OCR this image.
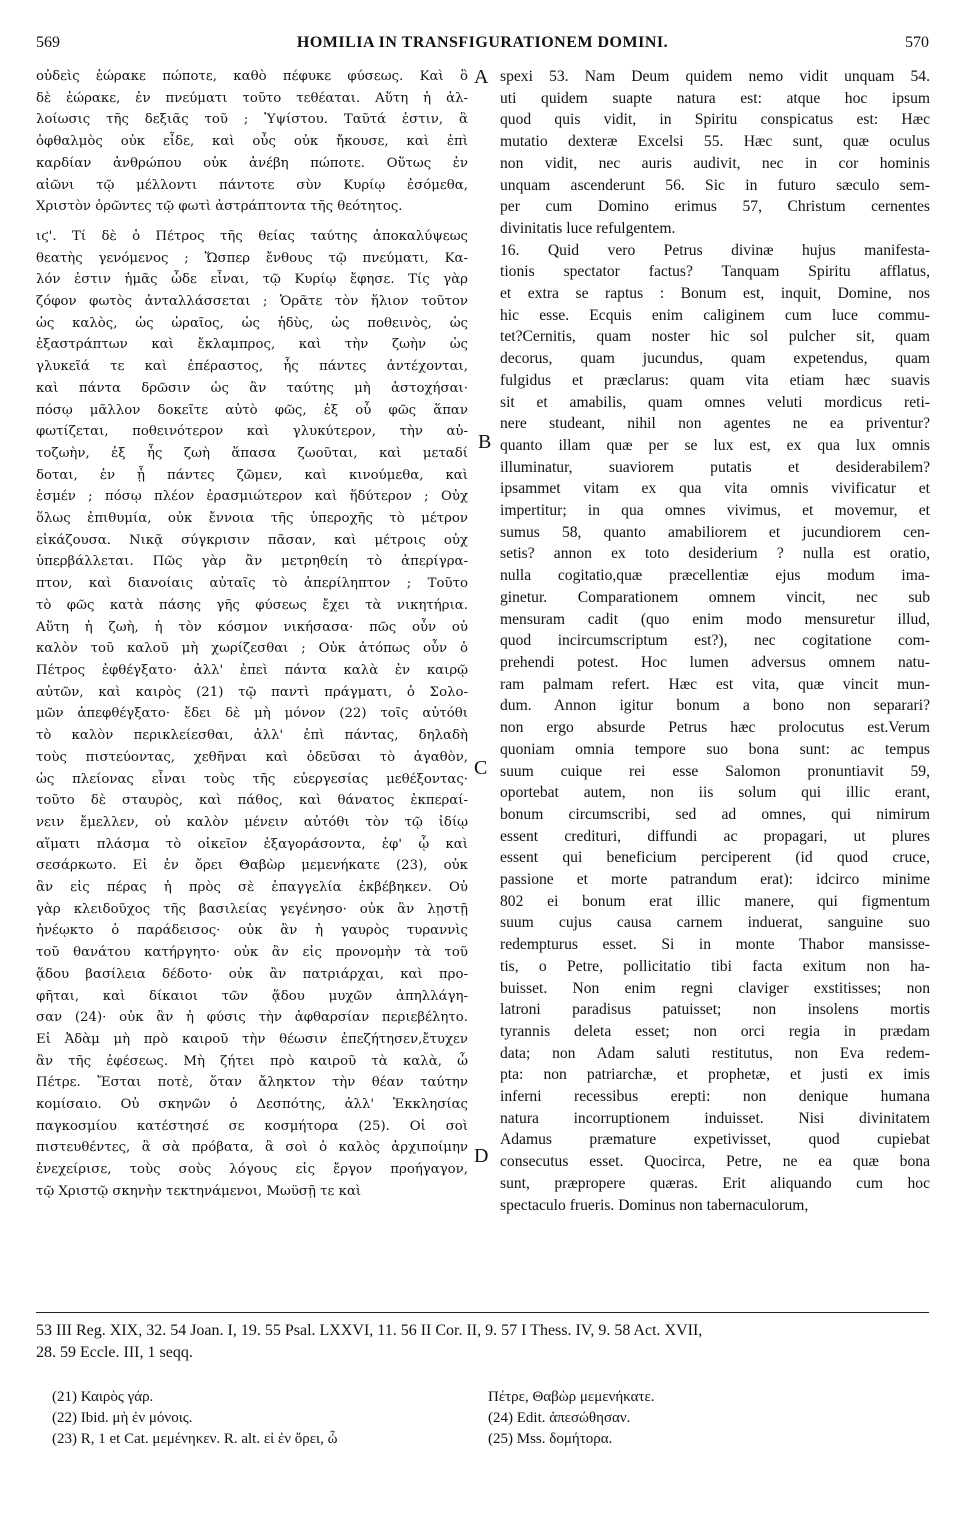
569	HOMILIA IN TRANSFIGURATIONEM DOMINI.	570
οὐδεὶς ἑώρακε πώποτε, καθὸ πέφυκε φύσεως. Καὶ ὃ
δὲ ἑώρακε, ἐν πνεύματι τοῦτο τεθέαται. Αὕτη ἡ ἀλ-
λοίωσις τῆς δεξιᾶς τοῦ ; Ὑψίστου. Ταῦτά ἐστιν, ἃ
ὀφθαλμὸς οὐκ εἶδε, καὶ οὖς οὐκ ἤκουσε, καὶ ἐπὶ
καρδίαν ἀνθρώπου οὐκ ἀνέβη πώποτε. Οὕτως ἐν
αἰῶνι τῷ μέλλοντι πάντοτε σὺν Κυρίῳ ἐσόμεθα,
Χριστὸν ὁρῶντες τῷ φωτὶ ἀστράπτοντα τῆς θεότητος.
ιϛ'. Τί δὲ ὁ Πέτρος τῆς θείας ταύτης ἀποκαλύψεως
θεατὴς γενόμενος ; Ὥσπερ ἔνθους τῷ πνεύματι, Κα-
λόν ἐστιν ἡμᾶς ὧδε εἶναι, τῷ Κυρίῳ ἔφησε. Τίς γὰρ
ζόφον φωτὸς ἀνταλλάσσεται ; Ὁρᾶτε τὸν ἥλιον τοῦτον
ὡς καλὸς, ὡς ὡραῖος, ὡς ἡδὺς, ὡς ποθεινὸς, ὡς
ἐξαστράπτων καὶ ἔκλαμπρος, καὶ τὴν ζωὴν ὡς
γλυκεῖά τε καὶ ἐπέραστος, ἧς πάντες ἀντέχονται,
καὶ πάντα δρῶσιν ὡς ἂν ταύτης μὴ ἀστοχήσαι·
πόσῳ μᾶλλον δοκεῖτε αὐτὸ φῶς, ἐξ οὗ φῶς ἅπαν
φωτίζεται, ποθεινότερον καὶ γλυκύτερον, τὴν αὐ-
τοζωὴν, ἐξ ἧς ζωὴ ἅπασα ζωοῦται, καὶ μεταδί
δοται, ἐν ᾗ πάντες ζῶμεν, καὶ κινούμεθα, καὶ
ἐσμέν ; πόσῳ πλέον ἐρασμιώτερον καὶ ἥδύτερον ; Οὐχ
ὅλως ἐπιθυμία, οὐκ ἔννοια τῆς ὑπεροχῆς τὸ μέτρον
εἰκάζουσα. Νικᾷ σύγκρισιν πᾶσαν, καὶ μέτροις οὐχ
ὑπερβάλλεται. Πῶς γὰρ ἂν μετρηθείη τὸ ἀπερίγρα-
πτον, καὶ διανοίαις αὐταῖς τὸ ἀπερίληπτον ; Τοῦτο
τὸ φῶς κατὰ πάσης γῆς φύσεως ἔχει τὰ νικητήρια.
Αὕτη ἡ ζωὴ, ἡ τὸν κόσμον νικήσασα· πῶς οὖν οὐ
καλὸν τοῦ καλοῦ μὴ χωρίζεσθαι ; Οὐκ ἀτόπως οὖν ὁ
Πέτρος ἐφθέγξατο· ἀλλ' ἐπεὶ πάντα καλὰ ἐν καιρῷ
αὐτῶν, καὶ καιρὸς (21) τῷ παντὶ πράγματι, ὁ Σολο-
μῶν ἀπεφθέγξατο· ἔδει δὲ μὴ μόνον (22) τοῖς αὐτόθι
τὸ καλὸν περικλείεσθαι, ἀλλ' ἐπὶ πάντας, δηλαδὴ
τοὺς πιστεύοντας, χεθῆναι καὶ ὁδεῦσαι τὸ ἀγαθὸν,
ὡς πλείονας εἶναι τοὺς τῆς εὐεργεσίας μεθέξοντας·
τοῦτο δὲ σταυρὸς, καὶ πάθος, καὶ θάνατος ἐκπεραί-
νειν ἔμελλεν, οὐ καλὸν μένειν αὐτόθι τὸν τῷ ἰδίῳ
αἵματι πλάσμα τὸ οἰκεῖον ἐξαγοράσοντα, ἐφ' ᾧ καὶ
σεσάρκωτο. Εἰ ἐν ὄρει Θαβὼρ μεμενήκατε (23), οὐκ
ἂν εἰς πέρας ἡ πρὸς σὲ ἐπαγγελία ἐκβέβηκεν. Οὐ
γὰρ κλειδοῦχος τῆς βασιλείας γεγένησο· οὐκ ἂν λῃστῇ
ἠνέῳκτο ὁ παράδεισος· οὐκ ἂν ἡ γαυρὸς τυραννὶς
τοῦ θανάτου κατήργητο· οὐκ ἂν εἰς προνομὴν τὰ τοῦ
ᾅδου βασίλεια δέδοτο· οὐκ ἂν πατριάρχαι, καὶ προ-
φῆται, καὶ δίκαιοι τῶν ᾅδου μυχῶν ἀπηλλάγη-
σαν (24)· οὐκ ἂν ἡ φύσις τὴν ἀφθαρσίαν περιεβέλητο.
Εἰ Ἀδὰμ μὴ πρὸ καιροῦ τὴν θέωσιν ἐπεζήτησεν,ἔτυχεν
ἂν τῆς ἐφέσεως. Μὴ ζήτει πρὸ καιροῦ τὰ καλὰ, ὦ
Πέτρε. Ἔσται ποτὲ, ὅταν ἄληκτον τὴν θέαν ταύτην
κομίσαιο. Οὐ σκηνῶν ὁ Δεσπότης, ἀλλ' Ἐκκλησίας
παγκοσμίου κατέστησέ σε κοσμήτορα (25). Οἱ σοὶ
πιστευθέντες, ἃ σὰ πρόβατα, ἃ σοὶ ὁ καλὸς ἀρχιποίμην
ἐνεχείρισε, τοὺς σοὺς λόγους εἰς ἔργον προήγαγον,
τῷ Χριστῷ σκηνὴν τεκτηνάμενοι, Μωϋσῇ τε καὶ
spexi 53. Nam Deum quidem nemo vidit unquam 54.
uti quidem suapte natura est: atque hoc ipsum
quod quis vidit, in Spiritu conspicatus est: Hæc
mutatio dexteræ Excelsi 55. Hæc sunt, quæ oculus
non vidit, nec auris audivit, nec in cor hominis
unquam ascenderunt 56. Sic in futuro sæculo sem-
per cum Domino erimus 57, Christum cernentes
divinitatis luce refulgentem.
16. Quid vero Petrus divinæ hujus manifesta-
tionis spectator factus? Tanquam Spiritu afflatus,
et extra se raptus : Bonum est, inquit, Domine, nos
hic esse. Ecquis enim caliginem cum luce commu-
tet?Cernitis, quam noster hic sol pulcher sit, quam
decorus, quam jucundus, quam expetendus, quam
fulgidus et præclarus: quam vita etiam hæc suavis
sit et amabilis, quam omnes veluti mordicus reti-
nere studeant, nihil non agentes ne ea priventur?
quanto illam quæ per se lux est, ex qua lux omnis
illuminatur, suaviorem putatis et desiderabilem?
ipsammet vitam ex qua vita omnis vivificatur et
impertitur; in qua omnes vivimus, et movemur, et
sumus 58, quanto amabiliorem et jucundiorem cen-
setis? annon ex toto desiderium ? nulla est oratio,
nulla cogitatio,quæ præcellentiæ ejus modum ima-
ginetur. Comparationem omnem vincit, nec sub
mensuram cadit (quo enim modo mensuretur illud,
quod incircumscriptum est?), nec cogitatione com-
prehendi potest. Hoc lumen adversus omnem natu-
ram palmam refert. Hæc est vita, quæ vincit mun-
dum. Annon igitur bonum a bono non separari?
non ergo absurde Petrus hæc prolocutus est.Verum
quoniam omnia tempore suo bona sunt: ac tempus
suum cuique rei esse Salomon pronuntiavit 59,
oportebat autem, non iis solum qui illic erant,
bonum circumscribi, sed ad omnes, qui nimirum
essent credituri, diffundi ac propagari, ut plures
essent qui beneficium perciperent (id quod cruce,
passione et morte patrandum erat): idcirco minime
802 ei bonum erat illic manere, qui figmentum
suum cujus causa carnem induerat, sanguine suo
redempturus esset. Si in monte Thabor mansisse-
tis, o Petre, pollicitatio tibi facta exitum non ha-
buisset. Non enim regni claviger exstitisses; non
latroni paradisus patuisset; non insolens mortis
tyrannis deleta esset; non orci regia in prædam
data; non Adam saluti restitutus, non Eva redem-
pta: non patriarchæ, et prophetæ, et justi ex imis
inferni recessibus erepti: non denique humana
natura incorruptionem induisset. Nisi divinitatem
Adamus præmature expetivisset, quod cupiebat
consecutus esset. Quocirca, Petre, ne ea quæ bona
sunt, præpropere quæras. Erit aliquando cum hoc
spectaculo frueris. Dominus non tabernaculorum,
A
B
C
D
53 III Reg. XIX, 32. 54 Joan. I, 19. 55 Psal. LXXVI, 11. 56 II Cor. II, 9. 57 I Thess. IV, 9. 58 Act. XVII,
28. 59 Eccle. III, 1 seqq.
(21) Καιρὸς γάρ.
(22) Ibid. μὴ ἐν μόνοις.
(23) R, 1 et Cat. μεμένηκεν. R. alt. εἰ ἐν ὄρει, ὦ
Πέτρε, Θαβὼρ μεμενήκατε.
(24) Edit. ἀπεσώθησαν.
(25) Mss. δομήτορα.
